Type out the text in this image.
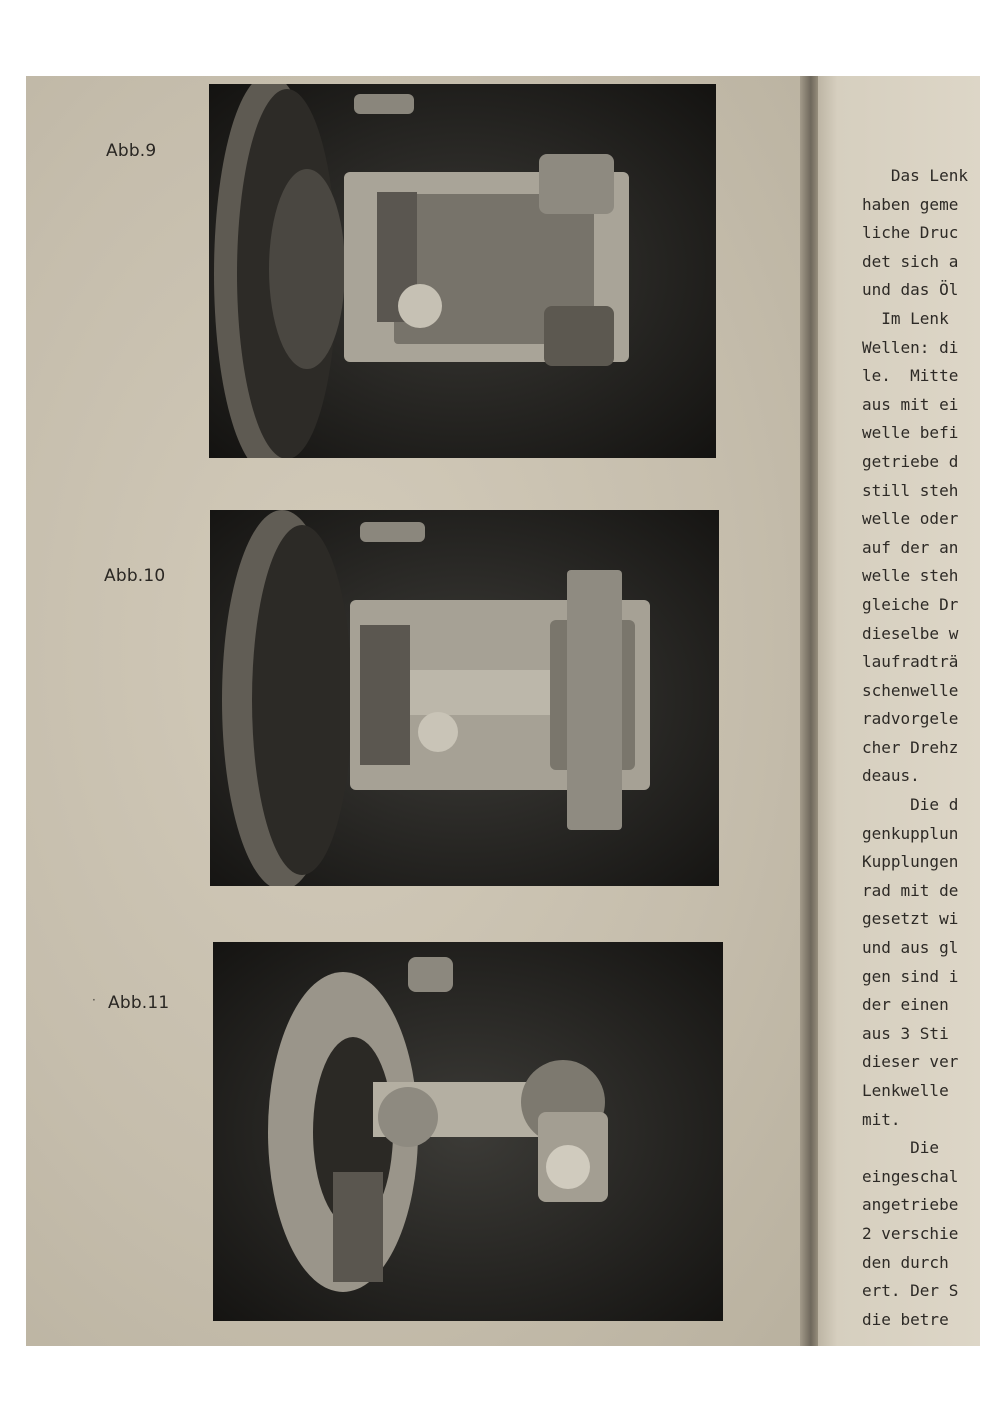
Abb.9
Abb.10
Abb.11
·
Das Lenk
haben geme
liche Druc
det sich a
und das Öl
Im Lenk
Wellen: di
le.  Mitte
aus mit ei
welle befi
getriebe d
still steh
welle oder
auf der an
welle steh
gleiche Dr
dieselbe w
laufradträ
schenwelle
radvorgele
cher Drehz
deaus.
Die d
genkupplun
Kupplungen
rad mit de
gesetzt wi
und aus gl
gen sind i
der einen
aus 3 Sti
dieser ver
Lenkwelle
mit.
Die
eingeschal
angetriebe
2 verschie
den durch
ert. Der S
die betre
